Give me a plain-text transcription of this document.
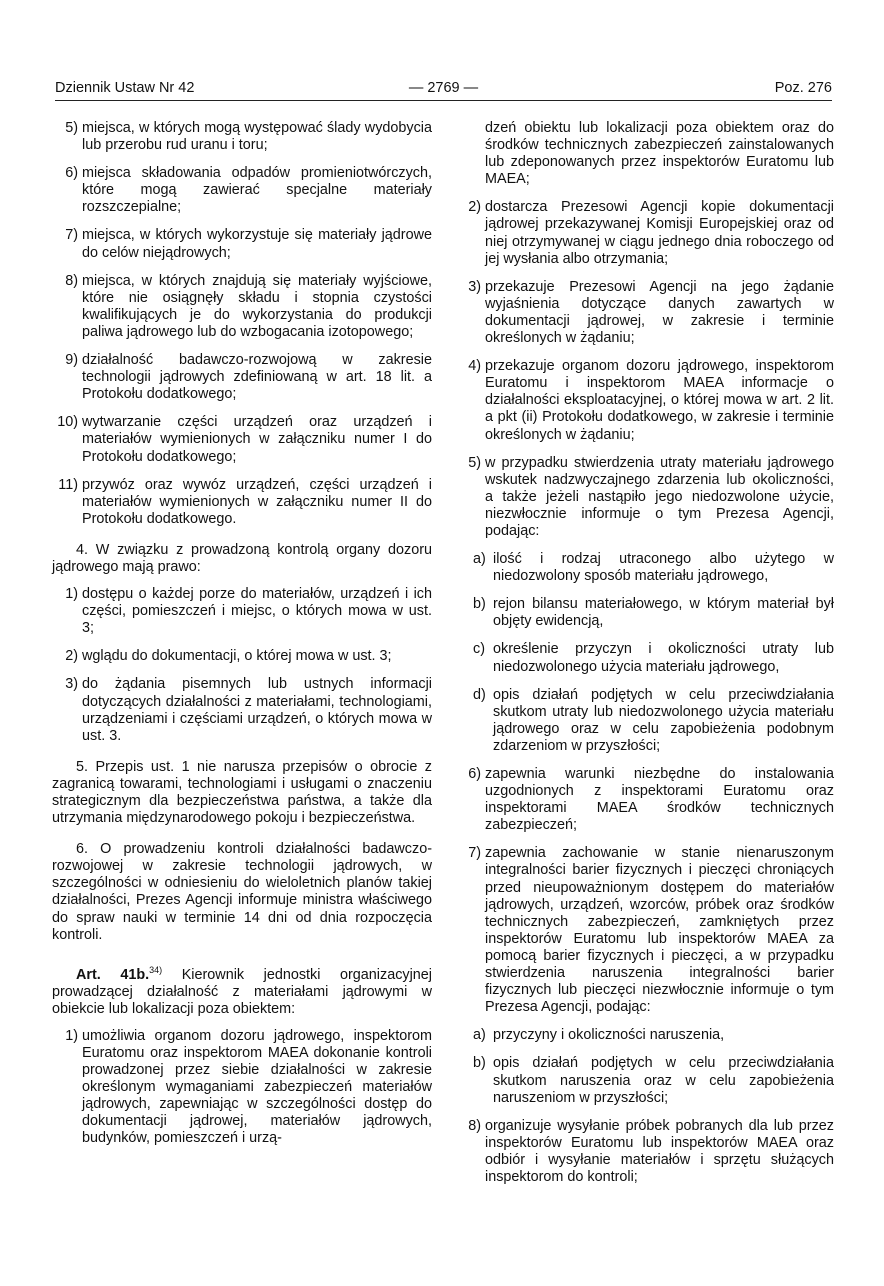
Dziennik Ustaw Nr 42	— 2769 —	Poz. 276
5) miejsca, w których mogą występować ślady wydobycia lub przerobu rud uranu i toru;
6) miejsca składowania odpadów promieniotwórczych, które mogą zawierać specjalne materiały rozszczepialne;
7) miejsca, w których wykorzystuje się materiały jądrowe do celów niejądrowych;
8) miejsca, w których znajdują się materiały wyjściowe, które nie osiągnęły składu i stopnia czystości kwalifikujących je do wykorzystania do produkcji paliwa jądrowego lub do wzbogacania izotopowego;
9) działalność badawczo-rozwojową w zakresie technologii jądrowych zdefiniowaną w art. 18 lit. a Protokołu dodatkowego;
10) wytwarzanie części urządzeń oraz urządzeń i materiałów wymienionych w załączniku numer I do Protokołu dodatkowego;
11) przywóz oraz wywóz urządzeń, części urządzeń i materiałów wymienionych w załączniku numer II do Protokołu dodatkowego.
4. W związku z prowadzoną kontrolą organy dozoru jądrowego mają prawo:
1) dostępu o każdej porze do materiałów, urządzeń i ich części, pomieszczeń i miejsc, o których mowa w ust. 3;
2) wglądu do dokumentacji, o której mowa w ust. 3;
3) do żądania pisemnych lub ustnych informacji dotyczących działalności z materiałami, technologiami, urządzeniami i częściami urządzeń, o których mowa w ust. 3.
5. Przepis ust. 1 nie narusza przepisów o obrocie z zagranicą towarami, technologiami i usługami o znaczeniu strategicznym dla bezpieczeństwa państwa, a także dla utrzymania międzynarodowego pokoju i bezpieczeństwa.
6. O prowadzeniu kontroli działalności badawczo-rozwojowej w zakresie technologii jądrowych, w szczególności w odniesieniu do wieloletnich planów takiej działalności, Prezes Agencji informuje ministra właściwego do spraw nauki w terminie 14 dni od dnia rozpoczęcia kontroli.
Art. 41b.$^{34)}$ Kierownik jednostki organizacyjnej prowadzącej działalność z materiałami jądrowymi w obiekcie lub lokalizacji poza obiektem:
1) umożliwia organom dozoru jądrowego, inspektorom Euratomu oraz inspektorom MAEA dokonanie kontroli prowadzonej przez siebie działalności w zakresie określonym wymaganiami zabezpieczeń materiałów jądrowych, zapewniając w szczególności dostęp do dokumentacji jądrowej, materiałów jądrowych, budynków, pomieszczeń i urzą-
dzeń obiektu lub lokalizacji poza obiektem oraz do środków technicznych zabezpieczeń zainstalowanych lub zdeponowanych przez inspektorów Euratomu lub MAEA;
2) dostarcza Prezesowi Agencji kopie dokumentacji jądrowej przekazywanej Komisji Europejskiej oraz od niej otrzymywanej w ciągu jednego dnia roboczego od jej wysłania albo otrzymania;
3) przekazuje Prezesowi Agencji na jego żądanie wyjaśnienia dotyczące danych zawartych w dokumentacji jądrowej, w zakresie i terminie określonych w żądaniu;
4) przekazuje organom dozoru jądrowego, inspektorom Euratomu i inspektorom MAEA informacje o działalności eksploatacyjnej, o której mowa w art. 2 lit. a pkt (ii) Protokołu dodatkowego, w zakresie i terminie określonych w żądaniu;
5) w przypadku stwierdzenia utraty materiału jądrowego wskutek nadzwyczajnego zdarzenia lub okoliczności, a także jeżeli nastąpiło jego niedozwolone użycie, niezwłocznie informuje o tym Prezesa Agencji, podając:
a) ilość i rodzaj utraconego albo użytego w niedozwolony sposób materiału jądrowego,
b) rejon bilansu materiałowego, w którym materiał był objęty ewidencją,
c) określenie przyczyn i okoliczności utraty lub niedozwolonego użycia materiału jądrowego,
d) opis działań podjętych w celu przeciwdziałania skutkom utraty lub niedozwolonego użycia materiału jądrowego oraz w celu zapobieżenia podobnym zdarzeniom w przyszłości;
6) zapewnia warunki niezbędne do instalowania uzgodnionych z inspektorami Euratomu oraz inspektorami MAEA środków technicznych zabezpieczeń;
7) zapewnia zachowanie w stanie nienaruszonym integralności barier fizycznych i pieczęci chroniących przed nieupoważnionym dostępem do materiałów jądrowych, urządzeń, wzorców, próbek oraz środków technicznych zabezpieczeń, zamkniętych przez inspektorów Euratomu lub inspektorów MAEA za pomocą barier fizycznych i pieczęci, a w przypadku stwierdzenia naruszenia integralności barier fizycznych lub pieczęci niezwłocznie informuje o tym Prezesa Agencji, podając:
a) przyczyny i okoliczności naruszenia,
b) opis działań podjętych w celu przeciwdziałania skutkom naruszenia oraz w celu zapobieżenia naruszeniom w przyszłości;
8) organizuje wysyłanie próbek pobranych dla lub przez inspektorów Euratomu lub inspektorów MAEA oraz odbiór i wysyłanie materiałów i sprzętu służących inspektorom do kontroli;
